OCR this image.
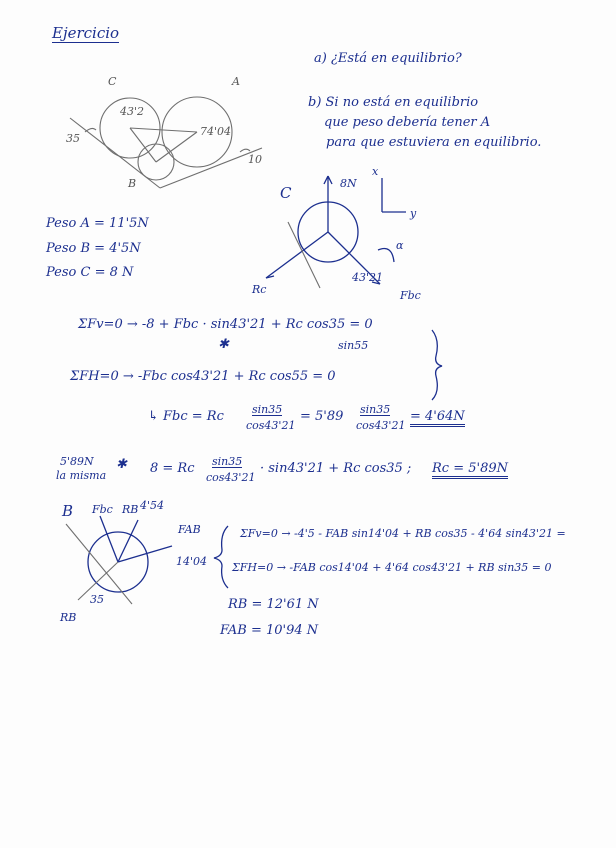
Ejercicio
a) ¿Está en equilibrio?
b) Si no está en equilibrio
que peso debería tener A
para que estuviera en equilibrio.
C	A
B
35
10
43'2
74'04
Peso A = 11'5N
Peso B = 4'5N
Peso C = 8 N
C
8N
x
y
Rc	Fbc
α
43'21
ΣFv=0 → -8 + Fbc · sin43'21 + Rc cos35 = 0
✱	sin55
ΣFH=0 → -Fbc cos43'21 + Rc cos55 = 0
↳ Fbc = Rc	sin35
cos43'21
= 5'89 sin35
cos43'21
= 4'64N
5'89N
la misma
✱ 8 = Rc sin35
cos43'21
· sin43'21 + Rc cos35 ; Rc = 5'89N
B Fbc RB 4'54
FAB
14'04
35
RB
ΣFv=0 → -4'5 - FAB sin14'04 + RB cos35 - 4'64 sin43'21 =
ΣFH=0 → -FAB cos14'04 + 4'64 cos43'21 + RB sin35 = 0
RB = 12'61 N
FAB = 10'94 N
